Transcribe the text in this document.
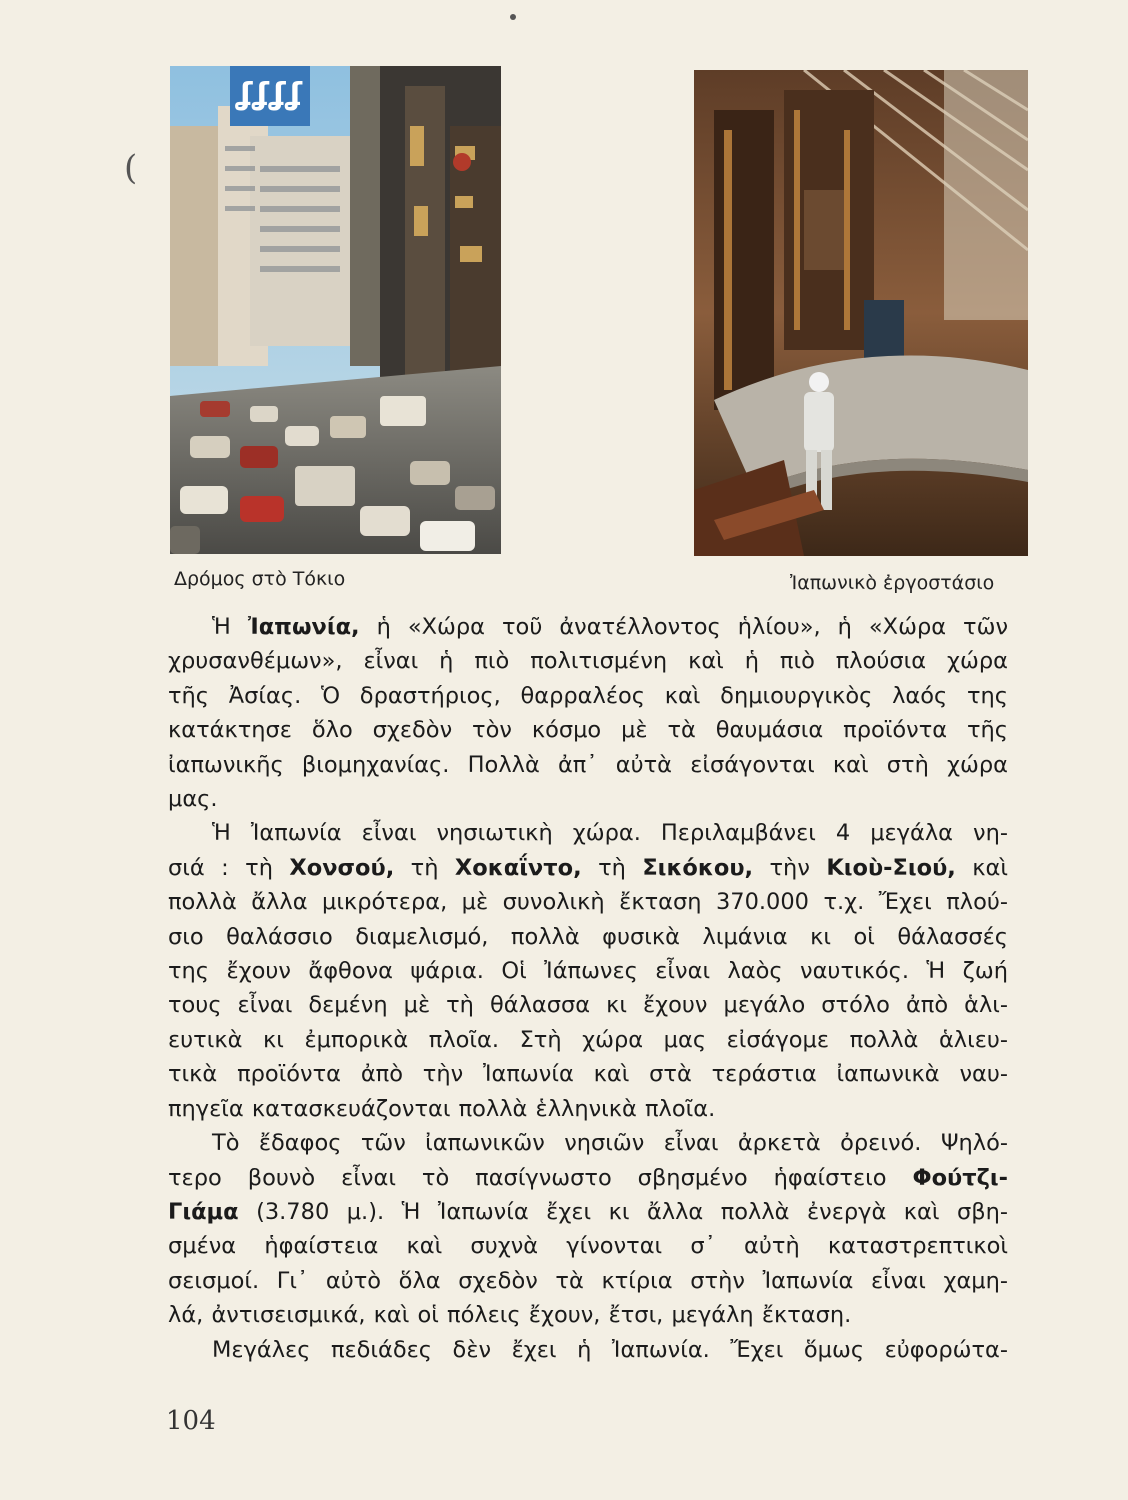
(
ʆʆʆʆ
Δρόμος στὸ Τόκιο	Ἰαπωνικὸ ἐργοστάσιο

Ἡ Ἰαπωνία, ἡ «Χώρα τοῦ ἀνατέλλοντος ἡλίου», ἡ «Χώρα τῶν

χρυσανθέμων», εἶναι ἡ πιὸ πολιτισμένη καὶ ἡ πιὸ πλούσια χώρα

τῆς Ἀσίας. Ὁ δραστήριος, θαρραλέος καὶ δημιουργικὸς λαός της

κατάκτησε ὅλο σχεδὸν τὸν κόσμο μὲ τὰ θαυμάσια προϊόντα τῆς

ἰαπωνικῆς βιομηχανίας. Πολλὰ ἀπ᾿ αὐτὰ εἰσάγονται καὶ στὴ χώρα

μας.

Ἡ Ἰαπωνία εἶναι νησιωτικὴ χώρα. Περιλαμβάνει 4 μεγάλα νη-

σιά : τὴ Χονσού, τὴ Χοκαΐντο, τὴ Σικόκου, τὴν Κιοὺ-Σιού, καὶ

πολλὰ ἄλλα μικρότερα, μὲ συνολικὴ ἔκταση 370.000 τ.χ. Ἔχει πλού-

σιο θαλάσσιο διαμελισμό, πολλὰ φυσικὰ λιμάνια κι οἱ θάλασσές

της ἔχουν ἄφθονα ψάρια. Οἱ Ἰάπωνες εἶναι λαὸς ναυτικός. Ἡ ζωή

τους εἶναι δεμένη μὲ τὴ θάλασσα κι ἔχουν μεγάλο στόλο ἀπὸ ἁλι-

ευτικὰ κι ἐμπορικὰ πλοῖα. Στὴ χώρα μας εἰσάγομε πολλὰ ἁλιευ-

τικὰ προϊόντα ἀπὸ τὴν Ἰαπωνία καὶ στὰ τεράστια ἰαπωνικὰ ναυ-

πηγεῖα κατασκευάζονται πολλὰ ἑλληνικὰ πλοῖα.

Τὸ ἔδαφος τῶν ἰαπωνικῶν νησιῶν εἶναι ἀρκετὰ ὀρεινό. Ψηλό-

τερο βουνὸ εἶναι τὸ πασίγνωστο σβησμένο ἡφαίστειο Φούτζι-

Γιάμα (3.780 μ.). Ἡ Ἰαπωνία ἔχει κι ἄλλα πολλὰ ἐνεργὰ καὶ σβη-

σμένα ἡφαίστεια καὶ συχνὰ γίνονται σ᾿ αὐτὴ καταστρεπτικοὶ

σεισμοί. Γι᾿ αὐτὸ ὅλα σχεδὸν τὰ κτίρια στὴν Ἰαπωνία εἶναι χαμη-

λά, ἀντισεισμικά, καὶ οἱ πόλεις ἔχουν, ἔτσι, μεγάλη ἔκταση.

Μεγάλες πεδιάδες δὲν ἔχει ἡ Ἰαπωνία. Ἔχει ὅμως εὐφορώτα-

104
